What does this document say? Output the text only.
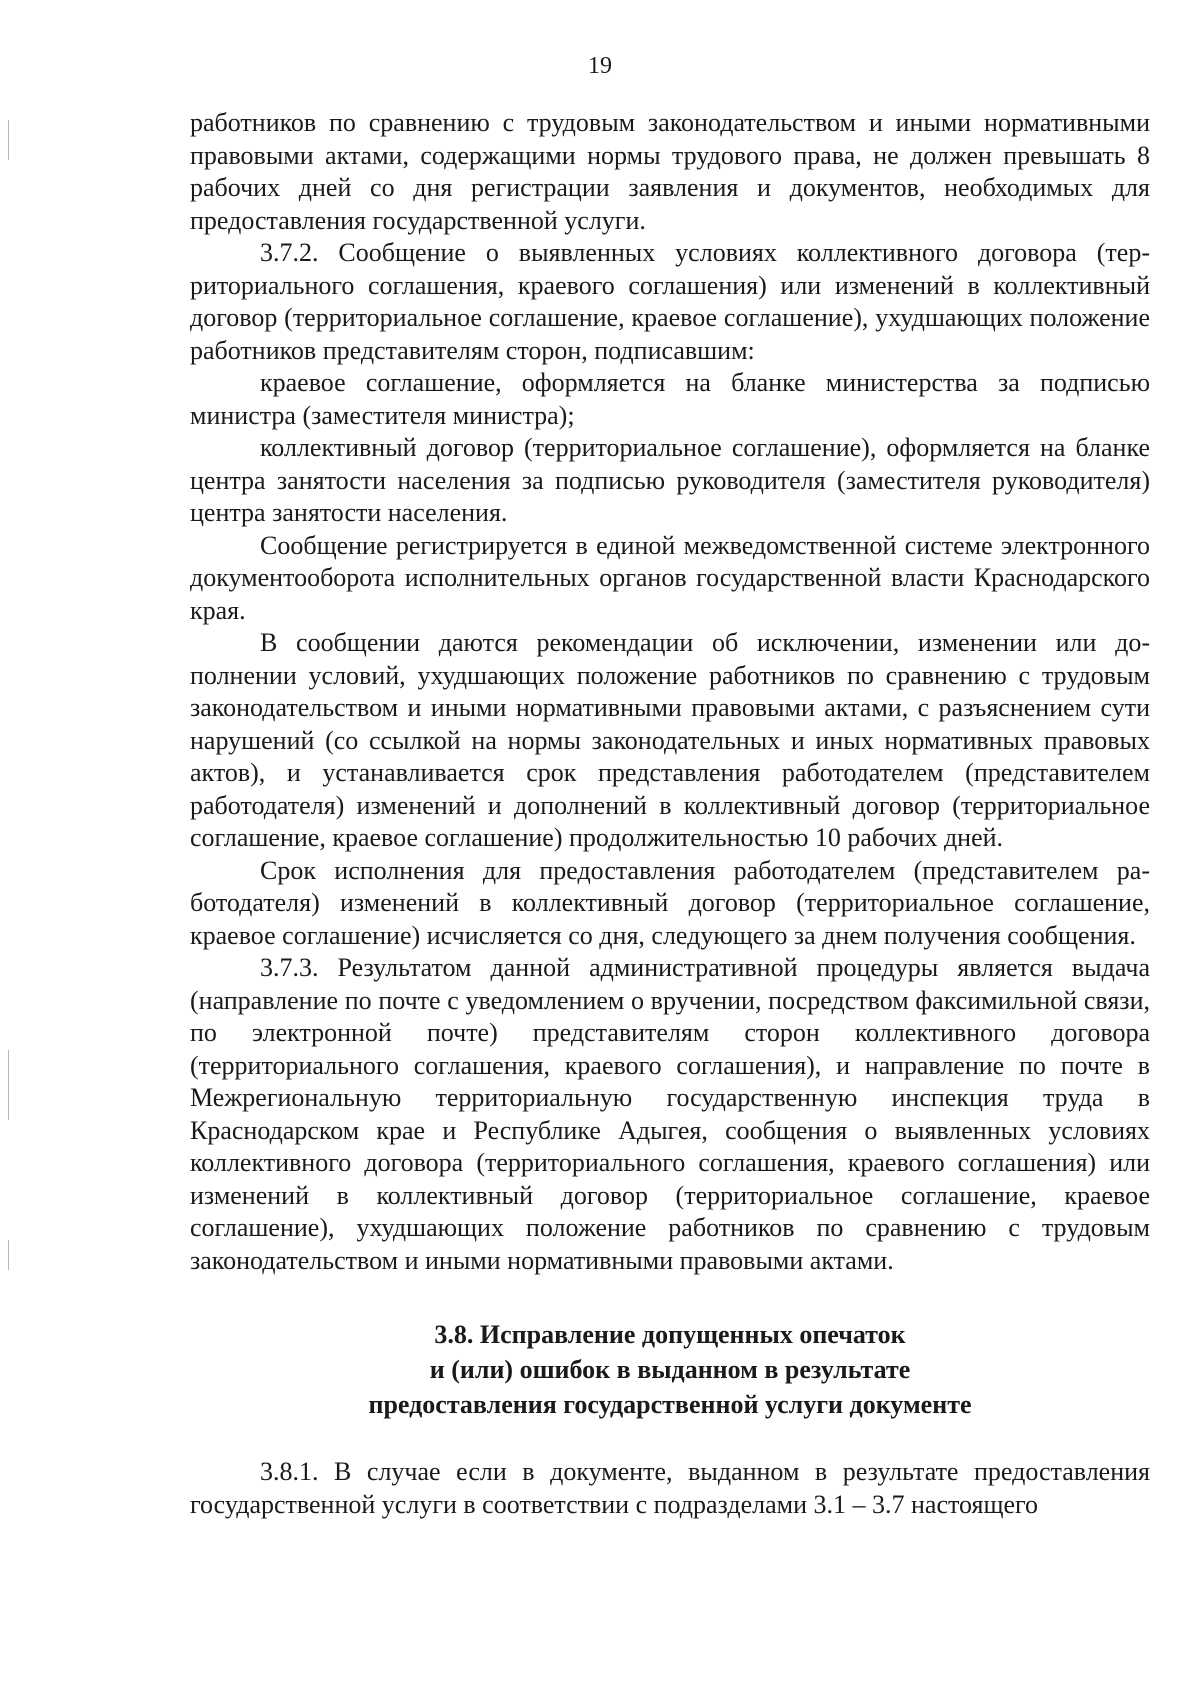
19

работников по сравнению с трудовым законодательством и иными нормативными правовыми актами, содержащими нормы трудового права, не должен превышать 8 рабочих дней со дня регистрации заявления и документов, необходимых для предоставления государственной услуги.

3.7.2. Сообщение о выявленных условиях коллективного договора (территориального соглашения, краевого соглашения) или изменений в коллективный договор (территориальное соглашение, краевое соглашение), ухудшающих положение работников представителям сторон, подписавшим:

краевое соглашение, оформляется на бланке министерства за подписью министра (заместителя министра);

коллективный договор (территориальное соглашение), оформляется на бланке центра занятости населения за подписью руководителя (заместителя руководителя) центра занятости населения.

Сообщение регистрируется в единой межведомственной системе электронного документооборота исполнительных органов государственной власти Краснодарского края.

В сообщении даются рекомендации об исключении, изменении или дополнении условий, ухудшающих положение работников по сравнению с трудовым законодательством и иными нормативными правовыми актами, с разъяснением сути нарушений (со ссылкой на нормы законодательных и иных нормативных правовых актов), и устанавливается срок представления работодателем (представителем работодателя) изменений и дополнений в коллективный договор (территориальное соглашение, краевое соглашение) продолжительностью 10 рабочих дней.

Срок исполнения для предоставления работодателем (представителем работодателя) изменений в коллективный договор (территориальное соглашение, краевое соглашение) исчисляется со дня, следующего за днем получения сообщения.

3.7.3. Результатом данной административной процедуры является выдача (направление по почте с уведомлением о вручении, посредством факсимильной связи, по электронной почте) представителям сторон коллективного договора (территориального соглашения, краевого соглашения), и направление по почте в Межрегиональную территориальную государственную инспекция труда в Краснодарском крае и Республике Адыгея, сообщения о выявленных условиях коллективного договора (территориального соглашения, краевого соглашения) или изменений в коллективный договор (территориальное соглашение, краевое соглашение), ухудшающих положение работников по сравнению с трудовым законодательством и иными нормативными правовыми актами.

3.8. Исправление допущенных опечаток
и (или) ошибок в выданном в результате
предоставления государственной услуги документе

3.8.1. В случае если в документе, выданном в результате предоставления государственной услуги в соответствии с подразделами 3.1 – 3.7 настоящего
